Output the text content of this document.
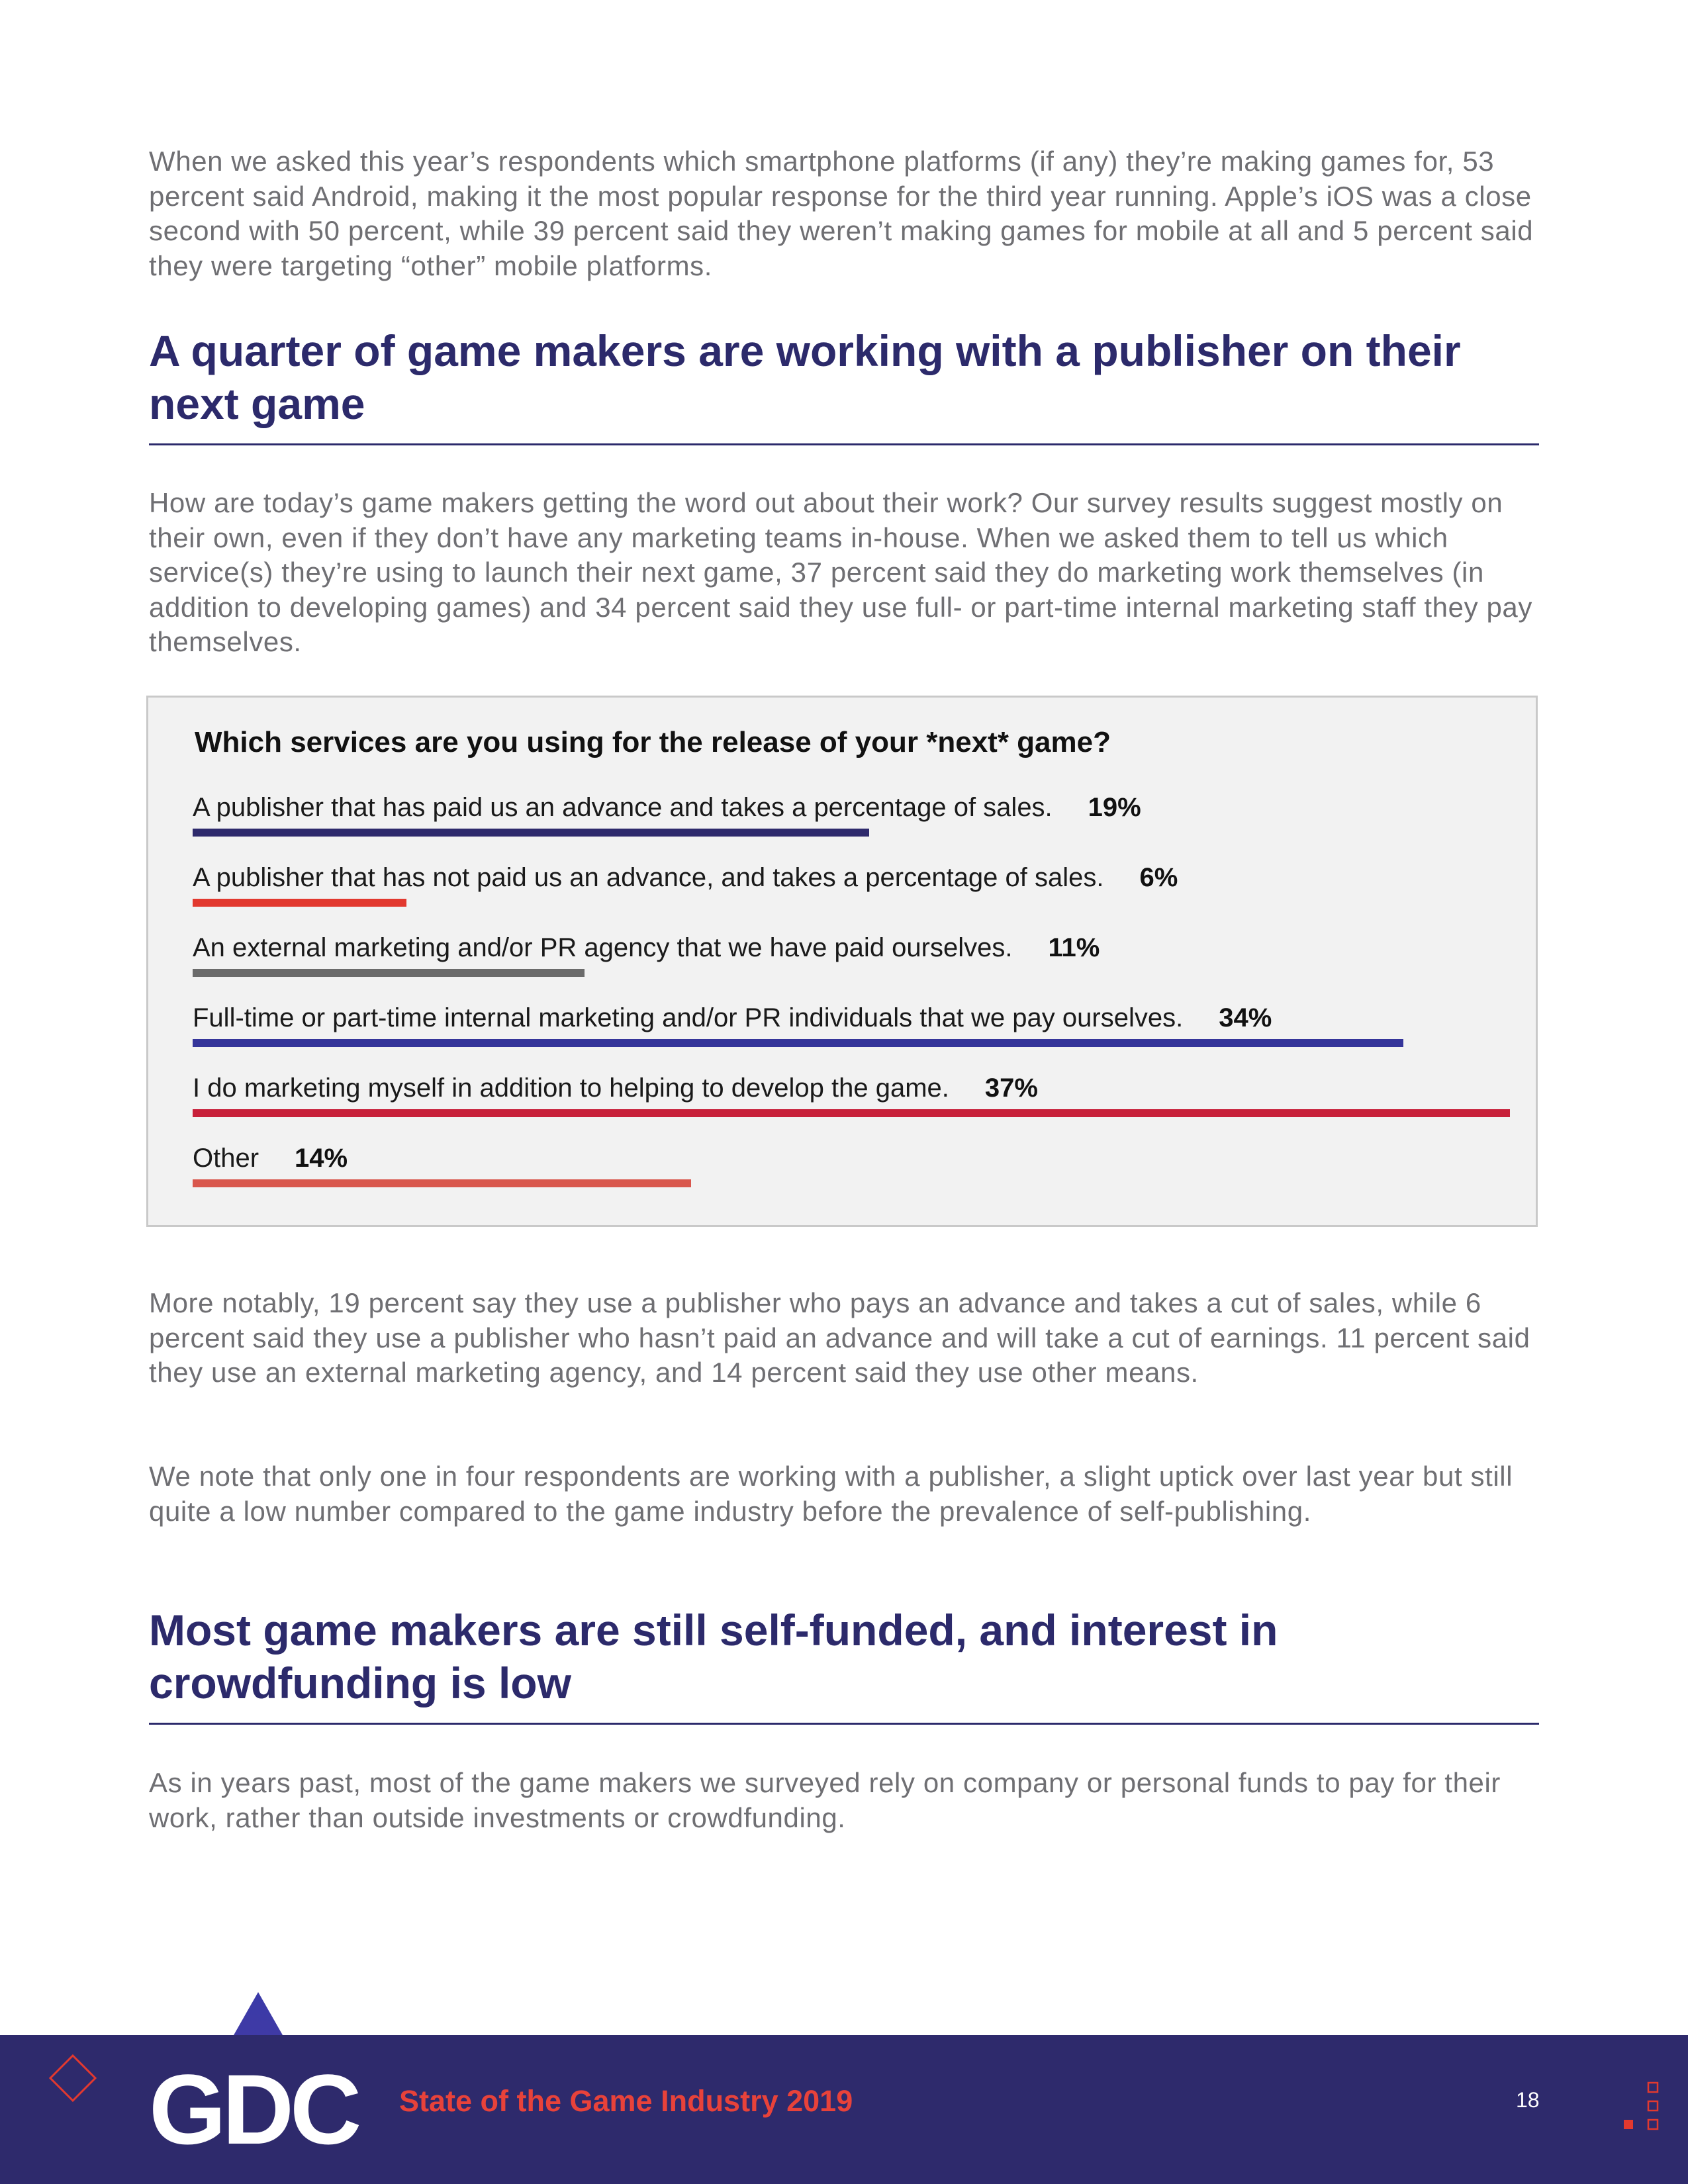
When we asked this year’s respondents which smartphone platforms (if any) they’re making games for, 53 percent said Android, making it the most popular response for the third year running. Apple’s iOS was a close second with 50 percent, while 39 percent said they weren’t making games for mobile at all and 5 percent said they were targeting “other” mobile platforms.

A quarter of game makers are working with a publisher on their next game

How are today’s game makers getting the word out about their work? Our survey results suggest mostly on their own, even if they don’t have any marketing teams in-house. When we asked them to tell us which service(s) they’re using to launch their next game, 37 percent said they do marketing work themselves (in addition to developing games) and 34 percent said they use full- or part-time internal marketing staff they pay themselves.

Which services are you using for the release of your *next* game?

A publisher that has paid us an advance and takes a percentage of sales. 19%
A publisher that has not paid us an advance, and takes a percentage of sales. 6%
An external marketing and/or PR agency that we have paid ourselves. 11%
Full-time or part-time internal marketing and/or PR individuals that we pay ourselves. 34%
I do marketing myself in addition to helping to develop the game. 37%
Other 14%

More notably, 19 percent say they use a publisher who pays an advance and takes a cut of sales, while 6 percent said they use a publisher who hasn’t paid an advance and will take a cut of earnings. 11 percent said they use an external marketing agency, and 14 percent said they use other means.

We note that only one in four respondents are working with a publisher, a slight uptick over last year but still quite a low number compared to the game industry before the prevalence of self-publishing.

Most game makers are still self-funded, and interest in crowdfunding is low

As in years past, most of the game makers we surveyed rely on company or personal funds to pay for their work, rather than outside investments or crowdfunding.

GDC State of the Game Industry 2019	18
